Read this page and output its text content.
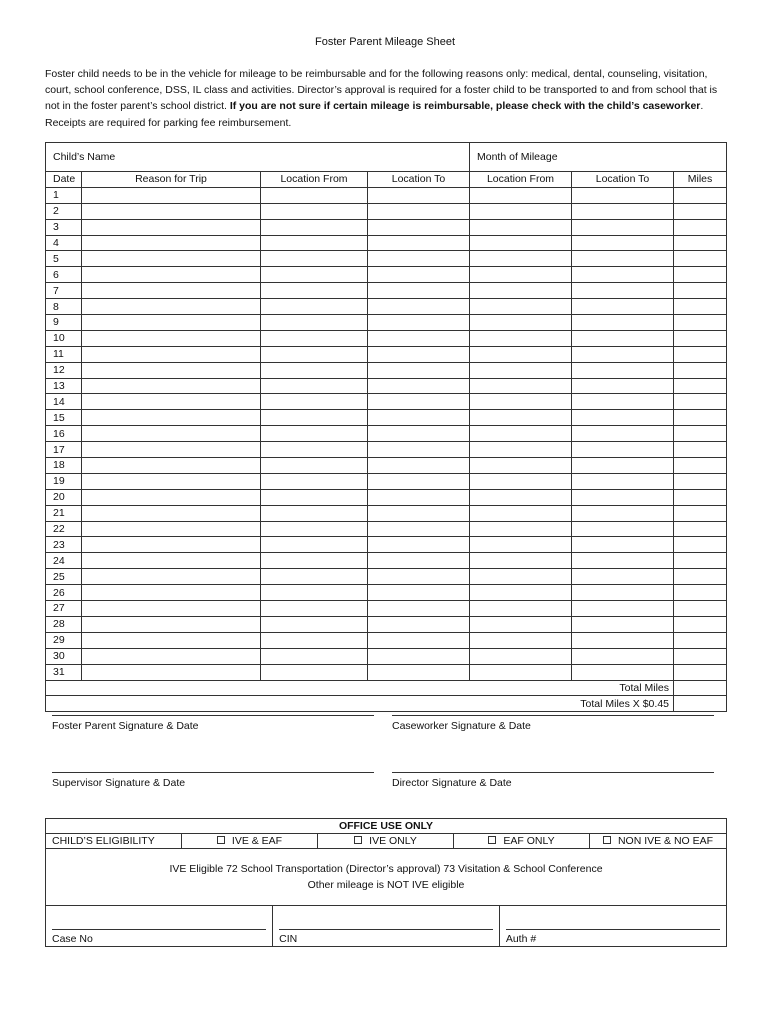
Foster Parent Mileage Sheet
Foster child needs to be in the vehicle for mileage to be reimbursable and for the following reasons only: medical, dental, counseling, visitation, court, school conference, DSS, IL class and activities. Director’s approval is required for a foster child to be transported to and from school that is not in the foster parent’s school district. If you are not sure if certain mileage is reimbursable, please check with the child’s caseworker. Receipts are required for parking fee reimbursement.
Child’s Name				Month of Mileage		
Date	Reason for Trip	Location From	Location To	Location From	Location To	Miles
1						
2						
3						
4						
5						
6						
7						
8						
9						
10						
11						
12						
13						
14						
15						
16						
17						
18						
19						
20						
21						
22						
23						
24						
25						
26						
27						
28						
29						
30						
31						
Total Miles						
Total Miles X $0.45						
Foster Parent Signature & Date	Caseworker Signature & Date
Supervisor Signature & Date	Director Signature & Date
OFFICE USE ONLY
CHILD’S ELIGIBILITY	IVE & EAF	IVE ONLY	EAF ONLY	NON IVE & NO EAF

IVE Eligible 72 School Transportation (Director’s approval) 73 Visitation & School Conference
Other mileage is NOT IVE eligible

Case No	CIN	Auth #
